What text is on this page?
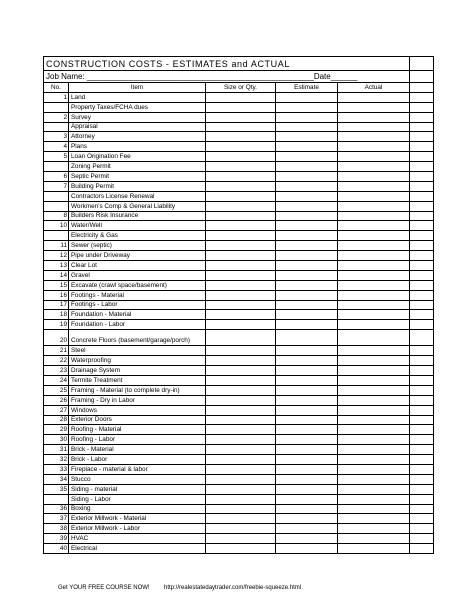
CONSTRUCTION COSTS - ESTIMATES and ACTUAL					
Job Name: ___________________________________________________Date______					
No.	Item	Size or Qty.	Estimate	Actual	
1	Land				
	Property Taxes/FCHA dues				
2	Survey				
	Appraisal				
3	Attorney				
4	Plans				
5	Loan Origination Fee				
	Zoning Permit				
6	Septic Permit				
7	Building Permit				
	Contractors License Renewal				
	Workmen's Comp & General Liability				
8	Builders Risk Insurance				
10	Water/Well				
	Electricity & Gas				
11	Sewer (septic)				
12	Pipe under Driveway				
13	Clear Lot				
14	Gravel				
15	Excavate (crawl space/basement)				
16	Footings - Material				
17	Footings - Labor				
18	Foundation - Material				
19	Foundation - Labor				
20	Concrete Floors (basement/garage/porch)				
21	Steel				
22	Waterproofing				
23	Drainage System				
24	Termite Treatment				
25	Framing - Material (to complete dry-in)				
26	Framing - Dry in Labor				
27	Windows				
28	Exterior Doors				
29	Roofing - Material				
30	Roofing - Labor				
31	Brick - Material				
32	Brick - Labor				
33	Fireplace - material & labor				
34	Stucco				
35	Siding - material				
	Siding - Labor				
36	Boxing				
37	Exterior Millwork - Material				
38	Exterior Millwork - Labor				
39	HVAC				
40	Electrical				
Get YOUR FREE COURSE NOW! http://realestatedaytrader.com/freebie-squeeze.html
